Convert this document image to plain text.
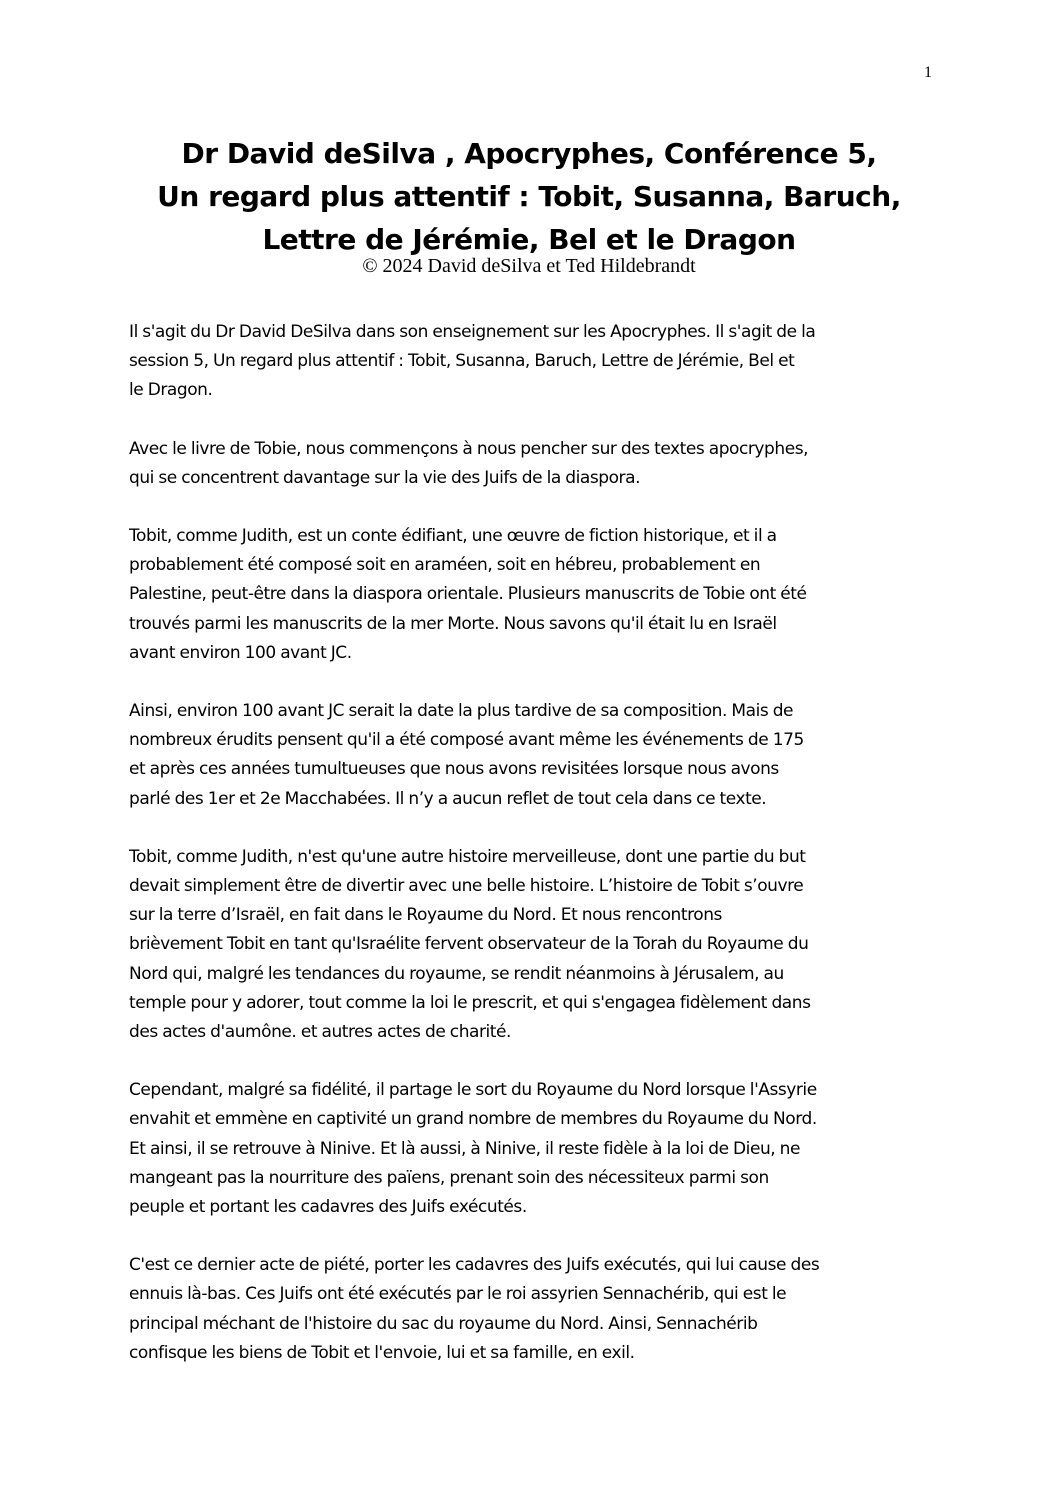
1
Dr David deSilva , Apocryphes, Conférence 5,
Un regard plus attentif : Tobit, Susanna, Baruch,
Lettre de Jérémie, Bel et le Dragon
© 2024 David deSilva et Ted Hildebrandt

Il s'agit du Dr David DeSilva dans son enseignement sur les Apocryphes. Il s'agit de la
session 5, Un regard plus attentif : Tobit, Susanna, Baruch, Lettre de Jérémie, Bel et
le Dragon.

Avec le livre de Tobie, nous commençons à nous pencher sur des textes apocryphes,
qui se concentrent davantage sur la vie des Juifs de la diaspora.

Tobit, comme Judith, est un conte édifiant, une œuvre de fiction historique, et il a
probablement été composé soit en araméen, soit en hébreu, probablement en
Palestine, peut-être dans la diaspora orientale. Plusieurs manuscrits de Tobie ont été
trouvés parmi les manuscrits de la mer Morte. Nous savons qu'il était lu en Israël
avant environ 100 avant JC.

Ainsi, environ 100 avant JC serait la date la plus tardive de sa composition. Mais de
nombreux érudits pensent qu'il a été composé avant même les événements de 175
et après ces années tumultueuses que nous avons revisitées lorsque nous avons
parlé des 1er et 2e Macchabées. Il n’y a aucun reflet de tout cela dans ce texte.

Tobit, comme Judith, n'est qu'une autre histoire merveilleuse, dont une partie du but
devait simplement être de divertir avec une belle histoire. L’histoire de Tobit s’ouvre
sur la terre d’Israël, en fait dans le Royaume du Nord. Et nous rencontrons
brièvement Tobit en tant qu'Israélite fervent observateur de la Torah du Royaume du
Nord qui, malgré les tendances du royaume, se rendit néanmoins à Jérusalem, au
temple pour y adorer, tout comme la loi le prescrit, et qui s'engagea fidèlement dans
des actes d'aumône. et autres actes de charité.

Cependant, malgré sa fidélité, il partage le sort du Royaume du Nord lorsque l'Assyrie
envahit et emmène en captivité un grand nombre de membres du Royaume du Nord.
Et ainsi, il se retrouve à Ninive. Et là aussi, à Ninive, il reste fidèle à la loi de Dieu, ne
mangeant pas la nourriture des païens, prenant soin des nécessiteux parmi son
peuple et portant les cadavres des Juifs exécutés.

C'est ce dernier acte de piété, porter les cadavres des Juifs exécutés, qui lui cause des
ennuis là-bas. Ces Juifs ont été exécutés par le roi assyrien Sennachérib, qui est le
principal méchant de l'histoire du sac du royaume du Nord. Ainsi, Sennachérib
confisque les biens de Tobit et l'envoie, lui et sa famille, en exil.
